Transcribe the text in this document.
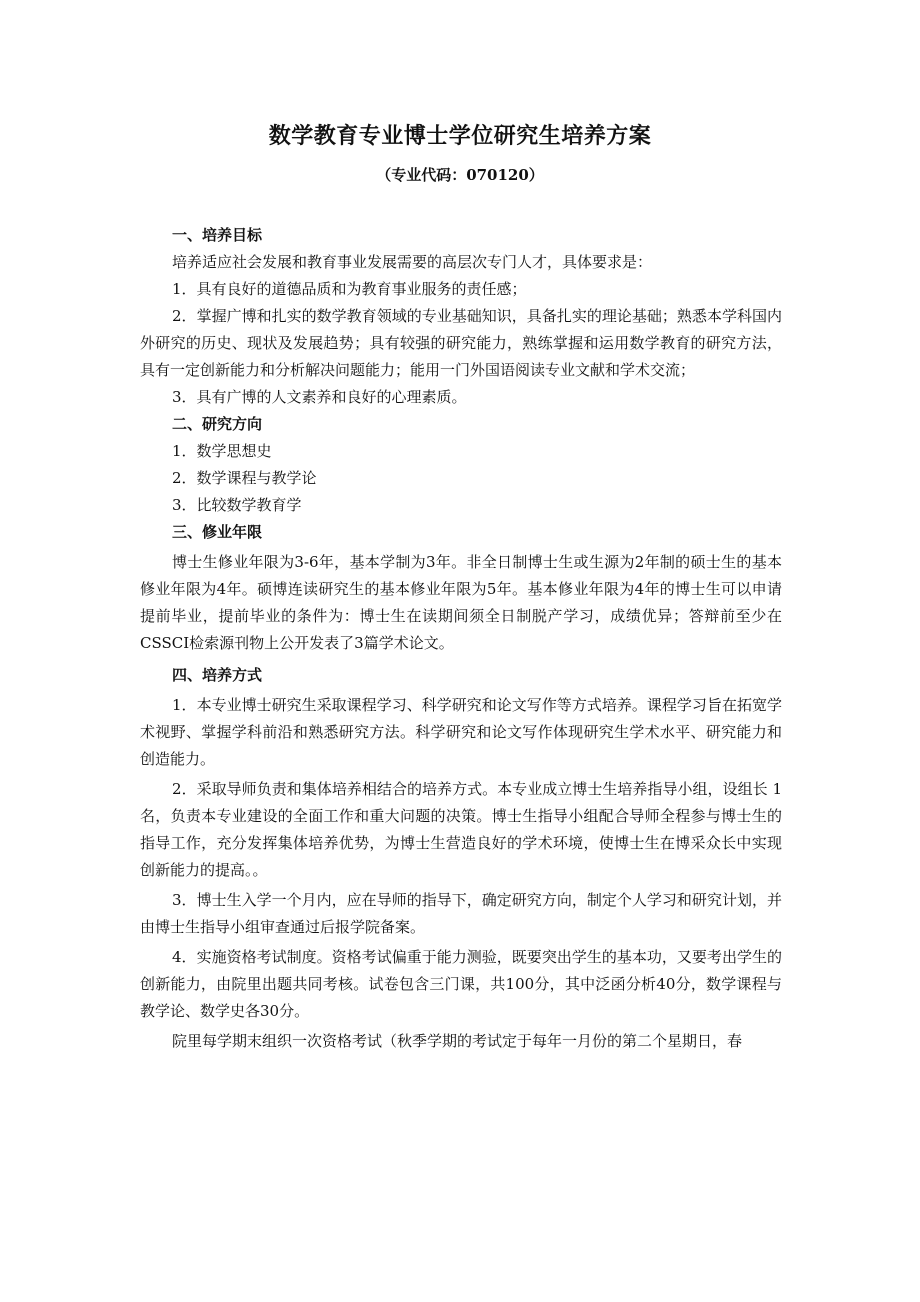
数学教育专业博士学位研究生培养方案
（专业代码：070120）

一、培养目标

培养适应社会发展和教育事业发展需要的高层次专门人才，具体要求是：

1．具有良好的道德品质和为教育事业服务的责任感；

2．掌握广博和扎实的数学教育领域的专业基础知识，具备扎实的理论基础；熟悉本学科国内外研究的历史、现状及发展趋势；具有较强的研究能力，熟练掌握和运用数学教育的研究方法，具有一定创新能力和分析解决问题能力；能用一门外国语阅读专业文献和学术交流；

3．具有广博的人文素养和良好的心理素质。

二、研究方向

1．数学思想史

2．数学课程与教学论

3．比较数学教育学

三、修业年限

博士生修业年限为3-6年，基本学制为3年。非全日制博士生或生源为2年制的硕士生的基本修业年限为4年。硕博连读研究生的基本修业年限为5年。基本修业年限为4年的博士生可以申请提前毕业，提前毕业的条件为：博士生在读期间须全日制脱产学习，成绩优异；答辩前至少在CSSCI检索源刊物上公开发表了3篇学术论文。

四、培养方式

1．本专业博士研究生采取课程学习、科学研究和论文写作等方式培养。课程学习旨在拓宽学术视野、掌握学科前沿和熟悉研究方法。科学研究和论文写作体现研究生学术水平、研究能力和创造能力。

2．采取导师负责和集体培养相结合的培养方式。本专业成立博士生培养指导小组，设组长 1 名，负责本专业建设的全面工作和重大问题的决策。博士生指导小组配合导师全程参与博士生的指导工作，充分发挥集体培养优势，为博士生营造良好的学术环境，使博士生在博采众长中实现创新能力的提高。。

3．博士生入学一个月内，应在导师的指导下，确定研究方向，制定个人学习和研究计划，并由博士生指导小组审查通过后报学院备案。

4．实施资格考试制度。资格考试偏重于能力测验，既要突出学生的基本功，又要考出学生的创新能力，由院里出题共同考核。试卷包含三门课，共100分，其中泛函分析40分，数学课程与教学论、数学史各30分。

院里每学期末组织一次资格考试（秋季学期的考试定于每年一月份的第二个星期日，春
